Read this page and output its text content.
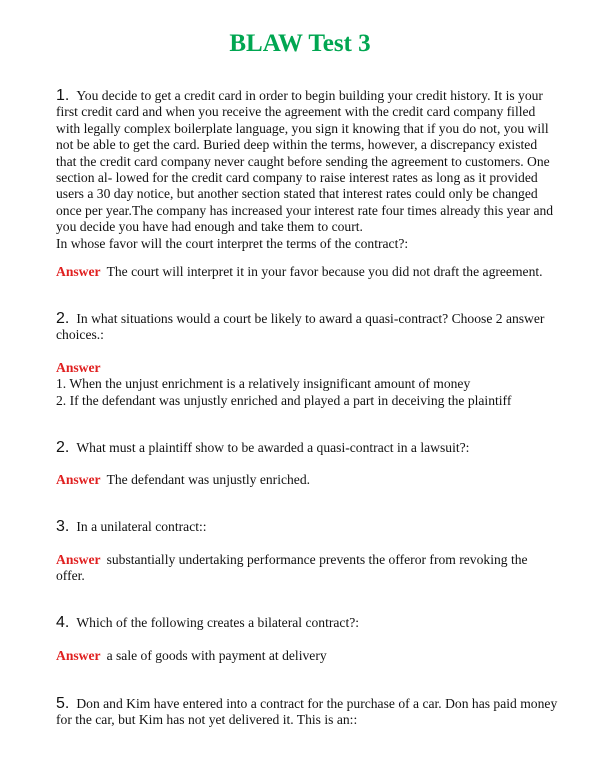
BLAW Test 3
1. You decide to get a credit card in order to begin building your credit history. It is your
first credit card and when you receive the agreement with the credit card company filled
with legally complex boilerplate language, you sign it knowing that if you do not, you will
not be able to get the card. Buried deep within the terms, however, a discrepancy existed
that the credit card company never caught before sending the agreement to customers. One
section al- lowed for the credit card company to raise interest rates as long as it provided
users a 30 day notice, but another section stated that interest rates could only be changed
once per year.The company has increased your interest rate four times already this year and
you decide you have had enough and take them to court.
In whose favor will the court interpret the terms of the contract?:
Answer The court will interpret it in your favor because you did not draft the agreement.
2. In what situations would a court be likely to award a quasi-contract? Choose 2 answer
choices.:
Answer
1. When the unjust enrichment is a relatively insignificant amount of money
2. If the defendant was unjustly enriched and played a part in deceiving the plaintiff
2. What must a plaintiff show to be awarded a quasi-contract in a lawsuit?:
Answer The defendant was unjustly enriched.
3. In a unilateral contract::
Answer substantially undertaking performance prevents the offeror from revoking the
offer.
4. Which of the following creates a bilateral contract?:
Answer a sale of goods with payment at delivery
5. Don and Kim have entered into a contract for the purchase of a car. Don has paid money
for the car, but Kim has not yet delivered it. This is an::
